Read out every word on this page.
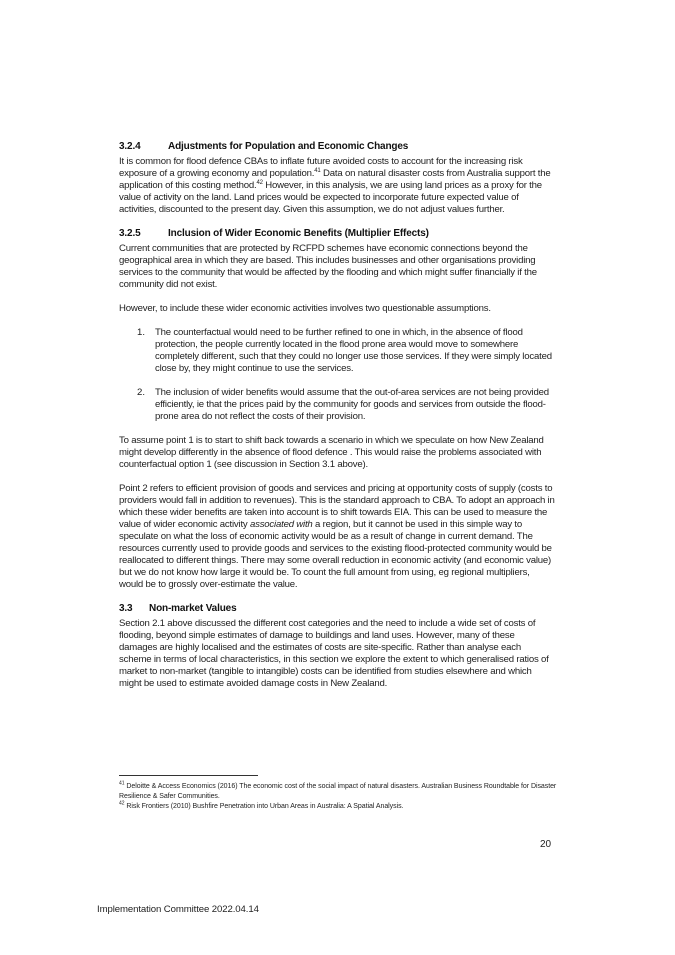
3.2.4	Adjustments for Population and Economic Changes

It is common for flood defence CBAs to inflate future avoided costs to account for the increasing risk exposure of a growing economy and population.$^{41}$ Data on natural disaster costs from Australia support the application of this costing method.$^{42}$ However, in this analysis, we are using land prices as a proxy for the value of activity on the land. Land prices would be expected to incorporate future expected value of activities, discounted to the present day. Given this assumption, we do not adjust values further.

3.2.5	Inclusion of Wider Economic Benefits (Multiplier Effects)

Current communities that are protected by RCFPD schemes have economic connections beyond the geographical area in which they are based. This includes businesses and other organisations providing services to the community that would be affected by the flooding and which might suffer financially if the community did not exist.

However, to include these wider economic activities involves two questionable assumptions.

1. The counterfactual would need to be further refined to one in which, in the absence of flood protection, the people currently located in the flood prone area would move to somewhere completely different, such that they could no longer use those services. If they were simply located close by, they might continue to use the services.

2. The inclusion of wider benefits would assume that the out-of-area services are not being provided efficiently, ie that the prices paid by the community for goods and services from outside the flood-prone area do not reflect the costs of their provision.

To assume point 1 is to start to shift back towards a scenario in which we speculate on how New Zealand might develop differently in the absence of flood defence . This would raise the problems associated with counterfactual option 1 (see discussion in Section 3.1 above).

Point 2 refers to efficient provision of goods and services and pricing at opportunity costs of supply (costs to providers would fall in addition to revenues). This is the standard approach to CBA. To adopt an approach in which these wider benefits are taken into account is to shift towards EIA. This can be used to measure the value of wider economic activity associated with a region, but it cannot be used in this simple way to speculate on what the loss of economic activity would be as a result of change in current demand. The resources currently used to provide goods and services to the existing flood-protected community would be reallocated to different things. There may some overall reduction in economic activity (and economic value) but we do not know how large it would be. To count the full amount from using, eg regional multipliers, would be to grossly over-estimate the value.

3.3 Non-market Values

Section 2.1 above discussed the different cost categories and the need to include a wide set of costs of flooding, beyond simple estimates of damage to buildings and land uses. However, many of these damages are highly localised and the estimates of costs are site-specific. Rather than analyse each scheme in terms of local characteristics, in this section we explore the extent to which generalised ratios of market to non-market (tangible to intangible) costs can be identified from studies elsewhere and which might be used to estimate avoided damage costs in New Zealand.

$^{41}$ Deloitte & Access Economics (2016) The economic cost of the social impact of natural disasters. Australian Business Roundtable for Disaster Resilience & Safer Communities.

$^{42}$ Risk Frontiers (2010) Bushfire Penetration into Urban Areas in Australia: A Spatial Analysis.

20
Implementation Committee 2022.04.14
